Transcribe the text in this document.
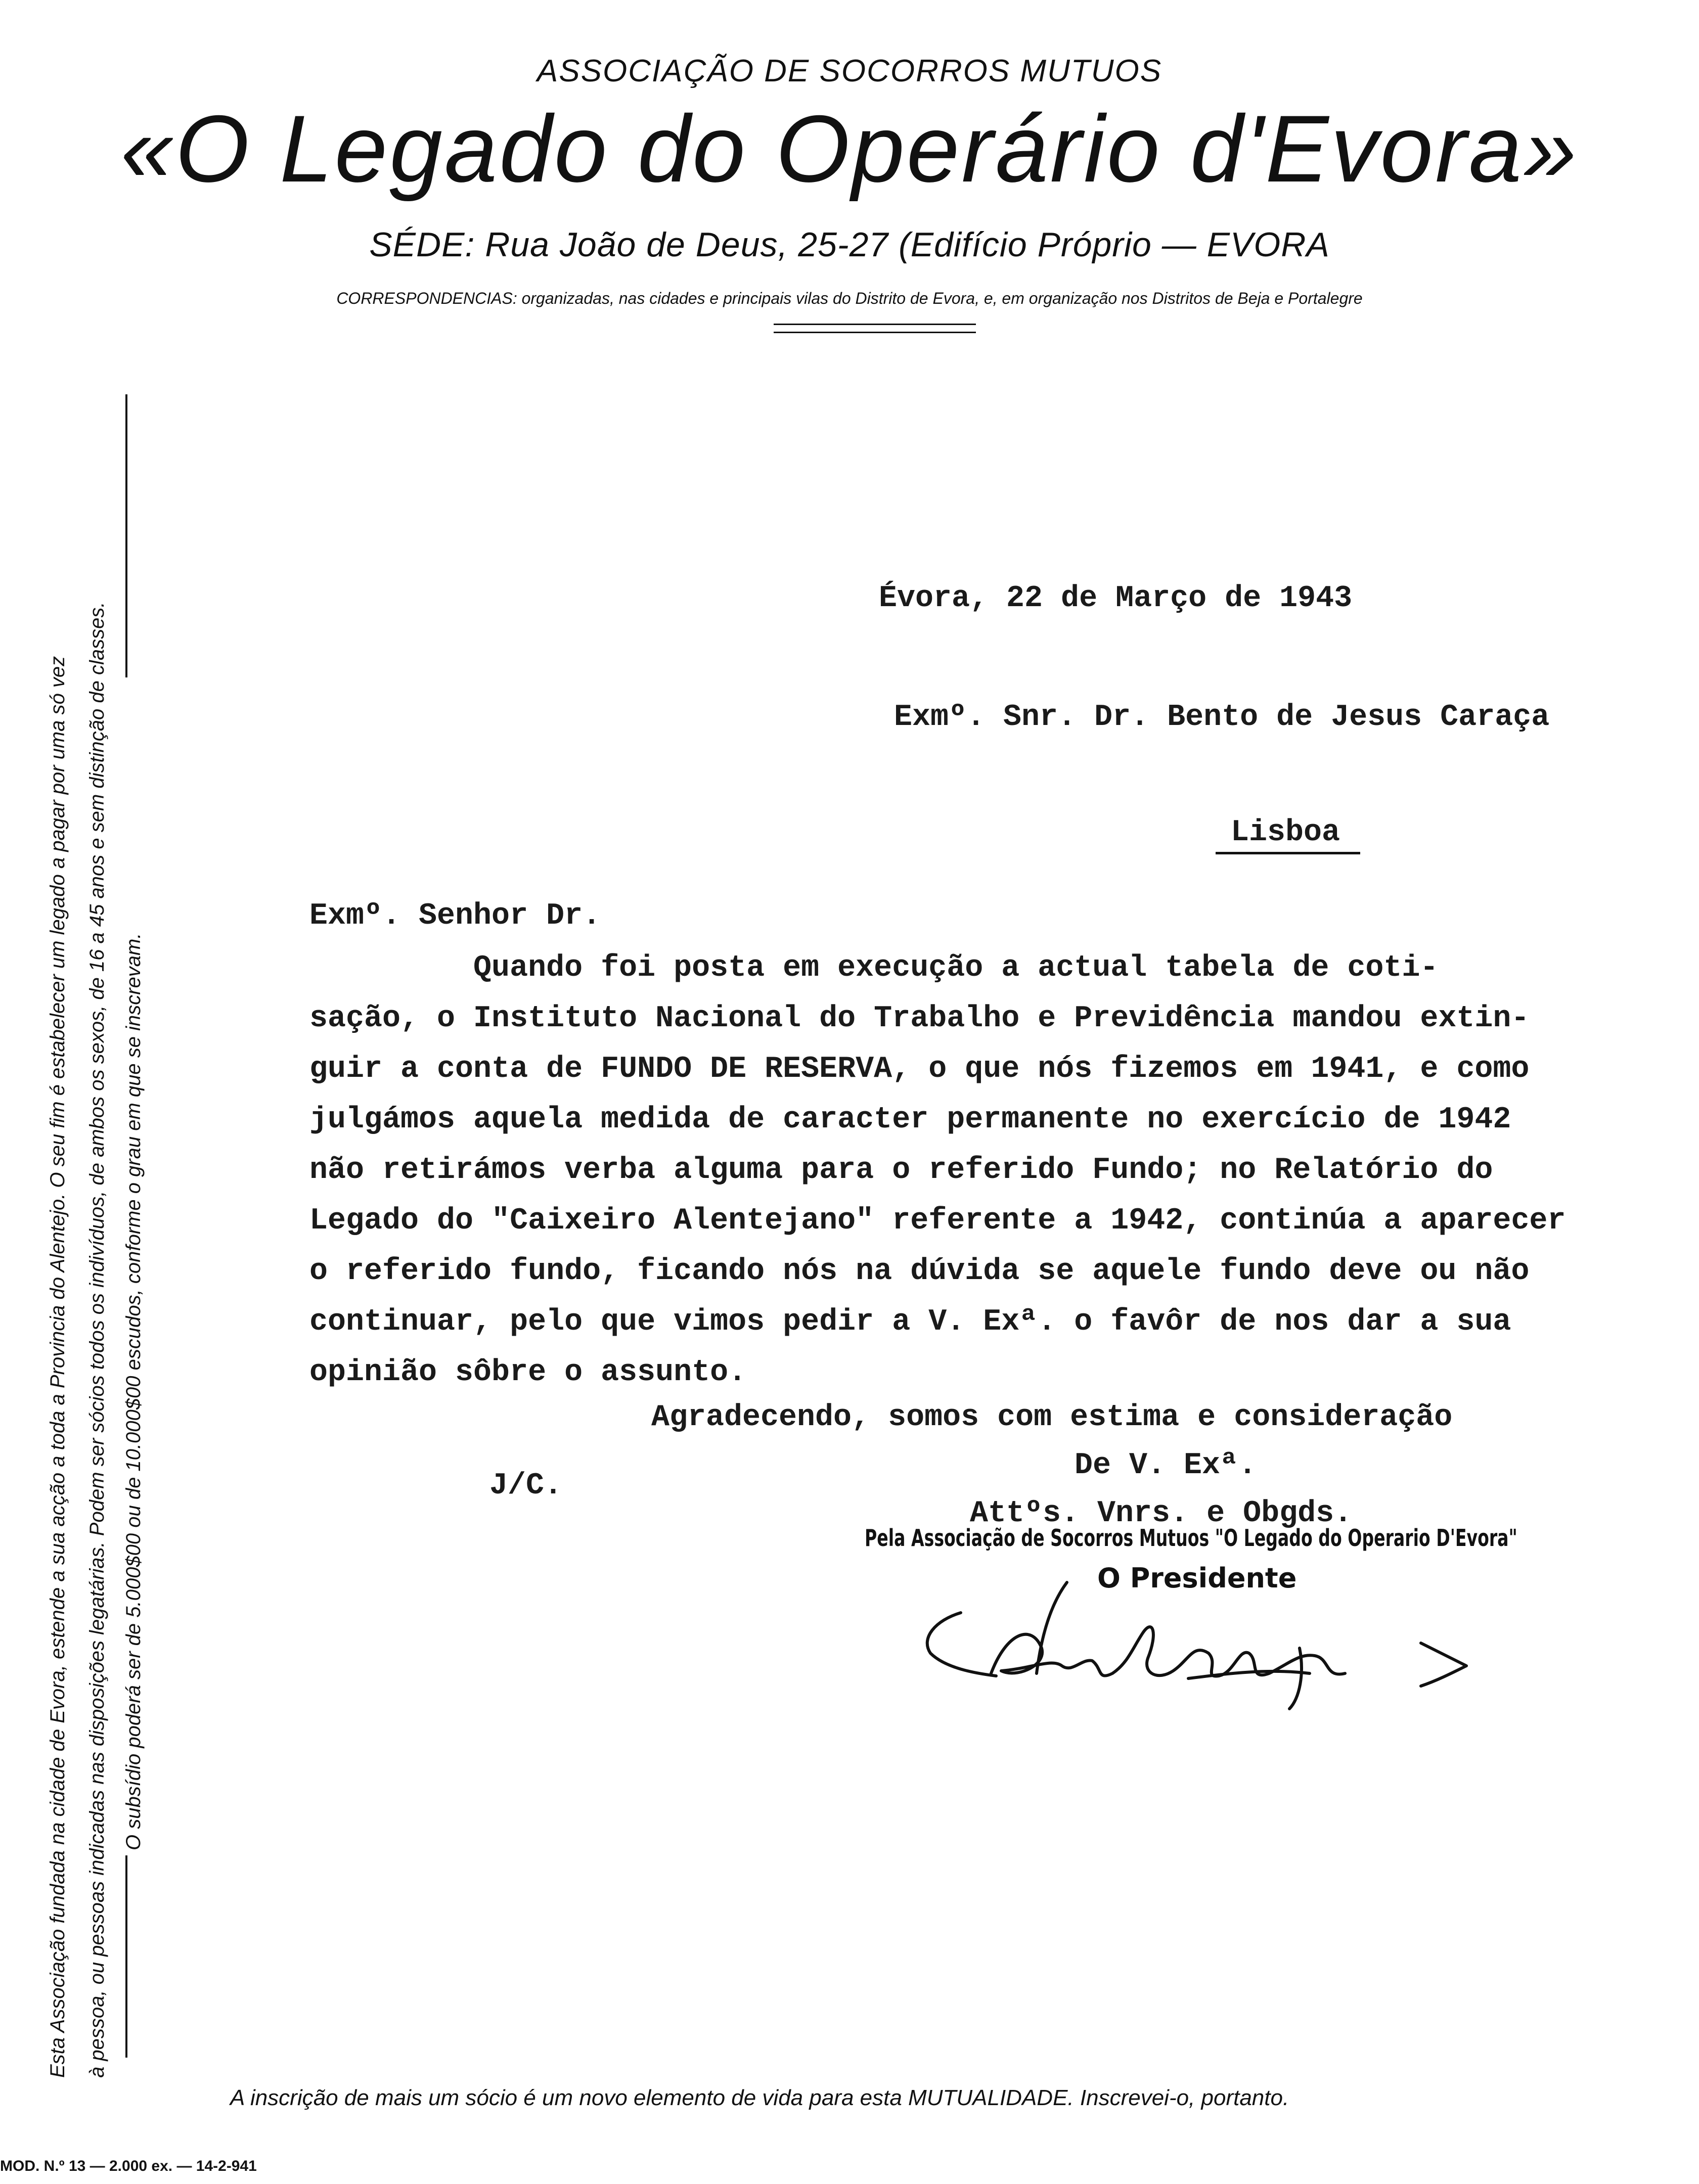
ASSOCIAÇÃO DE SOCORROS MUTUOS
«O Legado do Operário d'Evora»
SÉDE: Rua João de Deus, 25-27 (Edifício Próprio — EVORA
CORRESPONDENCIAS: organizadas, nas cidades e principais vilas do Distrito de Evora, e, em organização nos Distritos de Beja e Portalegre
Esta Associação fundada na cidade de Evora, estende a sua acção a toda a Provincia do Alentejo. O seu fim é estabelecer um legado a pagar por uma só vez à pessoa, ou pessoas indicadas nas disposições legatárias. Podem ser sócios todos os indivíduos, de ambos os sexos, de 16 a 45 anos e sem distinção de classes. O subsídio poderá ser de 5.000$00 ou de 10.000$00 escudos, conforme o grau em que se inscrevam.
Évora, 22 de Março de 1943
Exmº. Snr. Dr. Bento de Jesus Caraça
Lisboa
Exmº. Senhor Dr.
Quando foi posta em execução a actual tabela de coti-
sação, o Instituto Nacional do Trabalho e Previdência mandou extin-
guir a conta de FUNDO DE RESERVA, o que nós fizemos em 1941, e como
julgámos aquela medida de caracter permanente no exercício de 1942
não retirámos verba alguma para o referido Fundo; no Relatório do
Legado do "Caixeiro Alentejano" referente a 1942, continúa a aparecer
o referido fundo, ficando nós na dúvida se aquele fundo deve ou não
continuar, pelo que vimos pedir a V. Exª. o favôr de nos dar a sua
opinião sôbre o assunto.
Agradecendo, somos com estima e consideração
De V. Exª.
J/C.
Attºs. Vnrs. e Obgds.
Pela Associação de Socorros Mutuos "O Legado do Operario D'Evora"
O Presidente
A inscrição de mais um sócio é um novo elemento de vida para esta MUTUALIDADE. Inscrevei-o, portanto.
MOD. N.º 13 — 2.000 ex. — 14-2-941
